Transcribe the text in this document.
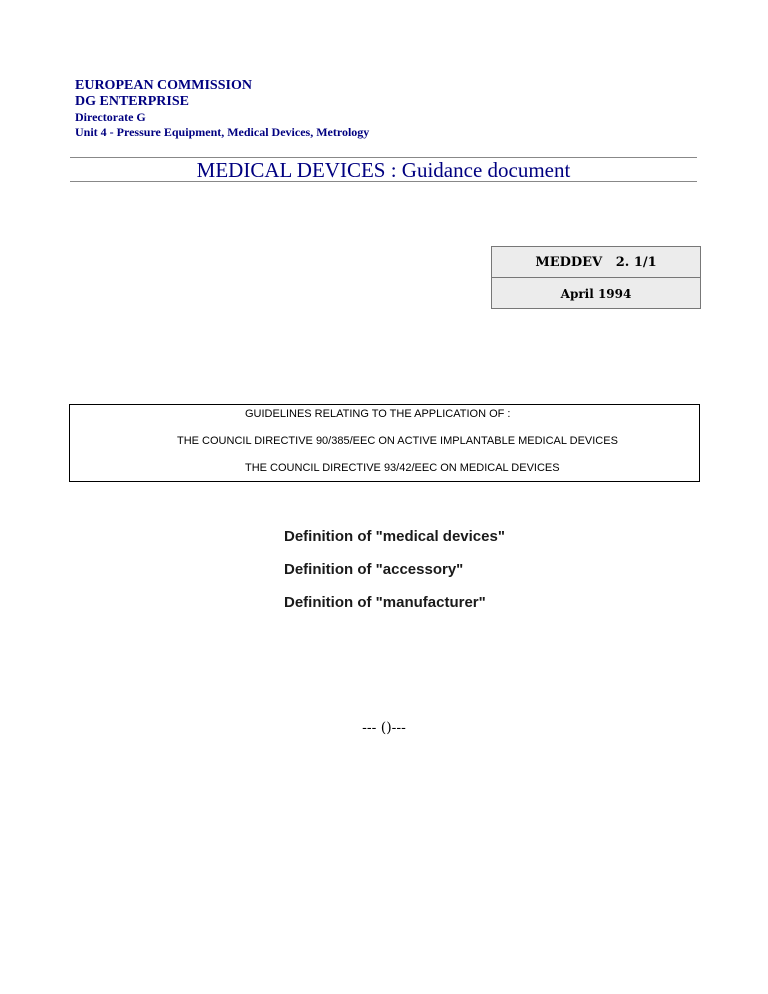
EUROPEAN COMMISSION

DG ENTERPRISE

Directorate G

Unit 4 - Pressure Equipment, Medical Devices, Metrology

MEDICAL DEVICES : Guidance document
MEDDEV   2. 1/1
April 1994
GUIDELINES RELATING TO THE APPLICATION OF :
THE COUNCIL DIRECTIVE 90/385/EEC ON ACTIVE IMPLANTABLE MEDICAL DEVICES
THE COUNCIL DIRECTIVE 93/42/EEC ON MEDICAL DEVICES

Definition of "medical devices"

Definition of "accessory"

Definition of "manufacturer"

--- ()---
